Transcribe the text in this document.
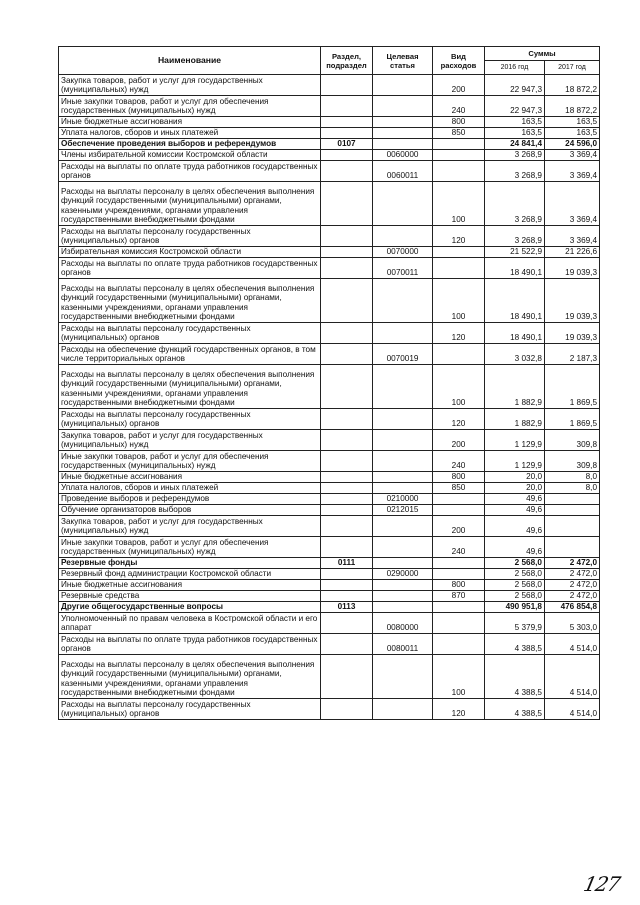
Наименование	Раздел, подраздел	Целевая статья	Вид расходов	Суммы	
				2016 год	2017 год
Закупка товаров, работ и услуг для государственных (муниципальных) нужд			200	22 947,3	18 872,2
Иные закупки товаров, работ и услуг для обеспечения государственных (муниципальных) нужд			240	22 947,3	18 872,2
Иные бюджетные ассигнования			800	163,5	163,5
Уплата налогов, сборов и иных платежей			850	163,5	163,5
Обеспечение проведения выборов и референдумов	0107			24 841,4	24 596,0
Члены избирательной комиссии Костромской области		0060000		3 268,9	3 369,4
Расходы на выплаты по оплате труда работников государственных органов		0060011		3 268,9	3 369,4
Расходы на выплаты персоналу в целях обеспечения выполнения функций государственными (муниципальными) органами, казенными учреждениями, органами управления государственными внебюджетными фондами			100	3 268,9	3 369,4
Расходы на выплаты персоналу государственных (муниципальных) органов			120	3 268,9	3 369,4
Избирательная комиссия Костромской области		0070000		21 522,9	21 226,6
Расходы на выплаты по оплате труда работников государственных органов		0070011		18 490,1	19 039,3
Расходы на выплаты персоналу в целях обеспечения выполнения функций государственными (муниципальными) органами, казенными учреждениями, органами управления государственными внебюджетными фондами			100	18 490,1	19 039,3
Расходы на выплаты персоналу государственных (муниципальных) органов			120	18 490,1	19 039,3
Расходы на обеспечение функций государственных органов, в том числе территориальных органов		0070019		3 032,8	2 187,3
Расходы на выплаты персоналу в целях обеспечения выполнения функций государственными (муниципальными) органами, казенными учреждениями, органами управления государственными внебюджетными фондами			100	1 882,9	1 869,5
Расходы на выплаты персоналу государственных (муниципальных) органов			120	1 882,9	1 869,5
Закупка товаров, работ и услуг для государственных (муниципальных) нужд			200	1 129,9	309,8
Иные закупки товаров, работ и услуг для обеспечения государственных (муниципальных) нужд			240	1 129,9	309,8
Иные бюджетные ассигнования			800	20,0	8,0
Уплата налогов, сборов и иных платежей			850	20,0	8,0
Проведение выборов и референдумов		0210000		49,6	
Обучение организаторов выборов		0212015		49,6	
Закупка товаров, работ и услуг для государственных (муниципальных) нужд			200	49,6	
Иные закупки товаров, работ и услуг для обеспечения государственных (муниципальных) нужд			240	49,6	
Резервные фонды	0111			2 568,0	2 472,0
Резервный фонд администрации Костромской области		0290000		2 568,0	2 472,0
Иные бюджетные ассигнования			800	2 568,0	2 472,0
Резервные средства			870	2 568,0	2 472,0
Другие общегосударственные вопросы	0113			490 951,8	476 854,8
Уполномоченный по правам человека в Костромской области и его аппарат		0080000		5 379,9	5 303,0
Расходы на выплаты по оплате труда работников государственных органов		0080011		4 388,5	4 514,0
Расходы на выплаты персоналу в целях обеспечения выполнения функций государственными (муниципальными) органами, казенными учреждениями, органами управления государственными внебюджетными фондами			100	4 388,5	4 514,0
Расходы на выплаты персоналу государственных (муниципальных) органов			120	4 388,5	4 514,0
127
